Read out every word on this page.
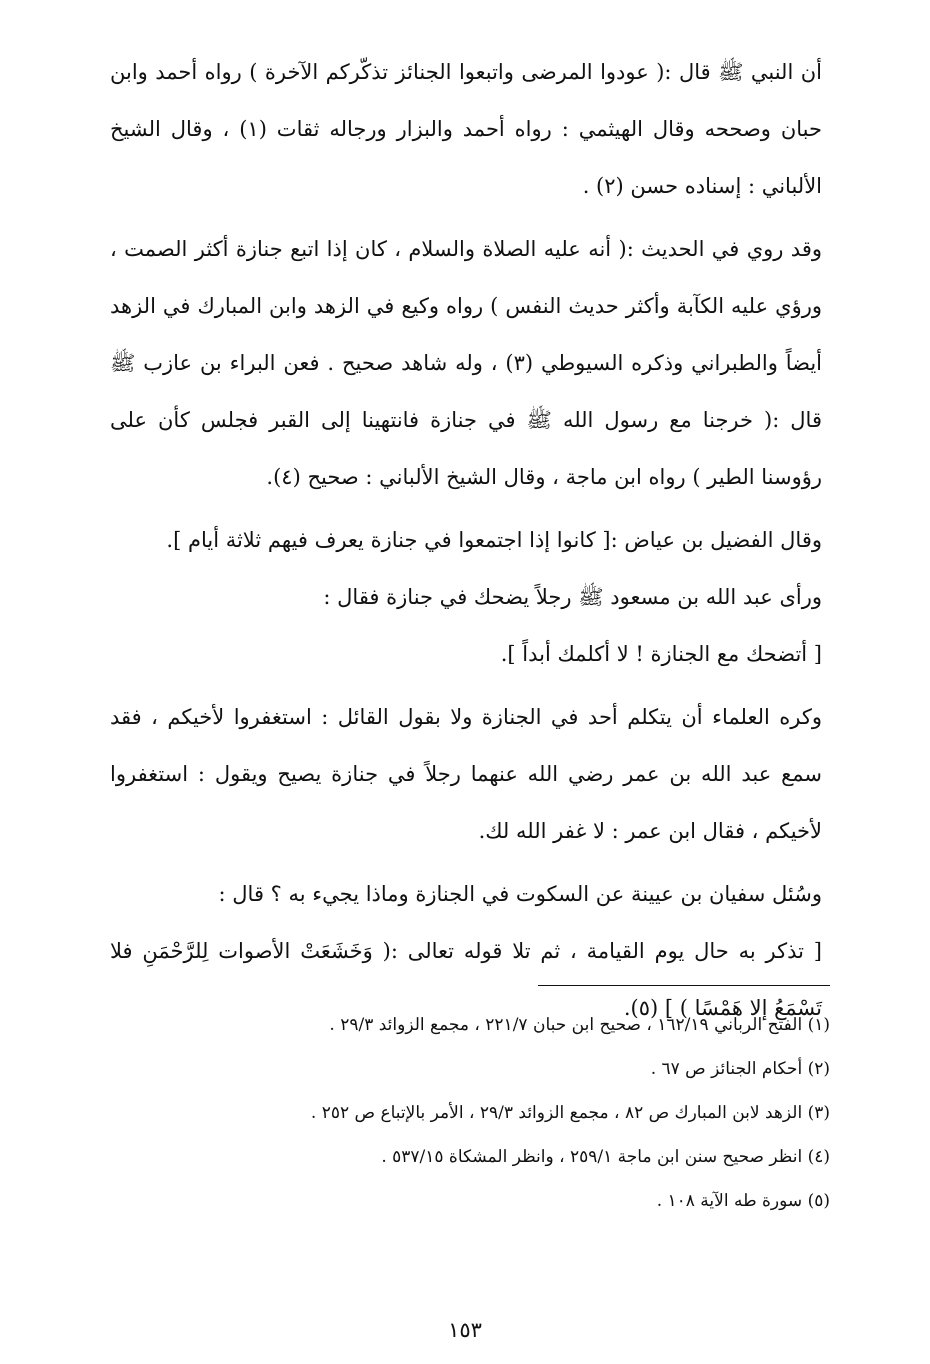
أن النبي ﷺ قال :( عودوا المرضى واتبعوا الجنائز تذكّركم الآخرة ) رواه أحمد وابن حبان وصححه وقال الهيثمي : رواه أحمد والبزار ورجاله ثقات (١) ، وقال الشيخ الألباني : إسناده حسن (٢) .

وقد روي في الحديث :( أنه عليه الصلاة والسلام ، كان إذا اتبع جنازة أكثر الصمت ، ورؤي عليه الكآبة وأكثر حديث النفس ) رواه وكيع في الزهد وابن المبارك في الزهد أيضاً والطبراني وذكره السيوطي (٣) ، وله شاهد صحيح . فعن البراء بن عازب ﷺ قال :( خرجنا مع رسول الله ﷺ في جنازة فانتهينا إلى القبر فجلس كأن على رؤوسنا الطير ) رواه ابن ماجة ، وقال الشيخ الألباني : صحيح (٤).

وقال الفضيل بن عياض :[ كانوا إذا اجتمعوا في جنازة يعرف فيهم ثلاثة أيام ].

ورأى عبد الله بن مسعود ﷺ رجلاً يضحك في جنازة فقال :

[ أتضحك مع الجنازة ! لا أكلمك أبداً ].

وكره العلماء أن يتكلم أحد في الجنازة ولا بقول القائل : استغفروا لأخيكم ، فقد سمع عبد الله بن عمر رضي الله عنهما رجلاً في جنازة يصيح ويقول : استغفروا لأخيكم ، فقال ابن عمر : لا غفر الله لك.

وسُئل سفيان بن عيينة عن السكوت في الجنازة وماذا يجيء به ؟ قال :

[ تذكر به حال يوم القيامة ، ثم تلا قوله تعالى :( وَخَشَعَتْ الأصوات لِلرَّحْمَنِ فلا تَسْمَعُ إلا هَمْسًا ) ] (٥).

(١) الفتح الرباني ١٦٢/١٩ ، صحيح ابن حبان ٢٢١/٧ ، مجمع الزوائد ٢٩/٣ .
(٢) أحكام الجنائز ص ٦٧ .
(٣) الزهد لابن المبارك ص ٨٢ ، مجمع الزوائد ٢٩/٣ ، الأمر بالإتباع ص ٢٥٢ .
(٤) انظر صحيح سنن ابن ماجة ٢٥٩/١ ، وانظر المشكاة ٥٣٧/١٥ .
(٥) سورة طه الآية ١٠٨ .
١٥٣
